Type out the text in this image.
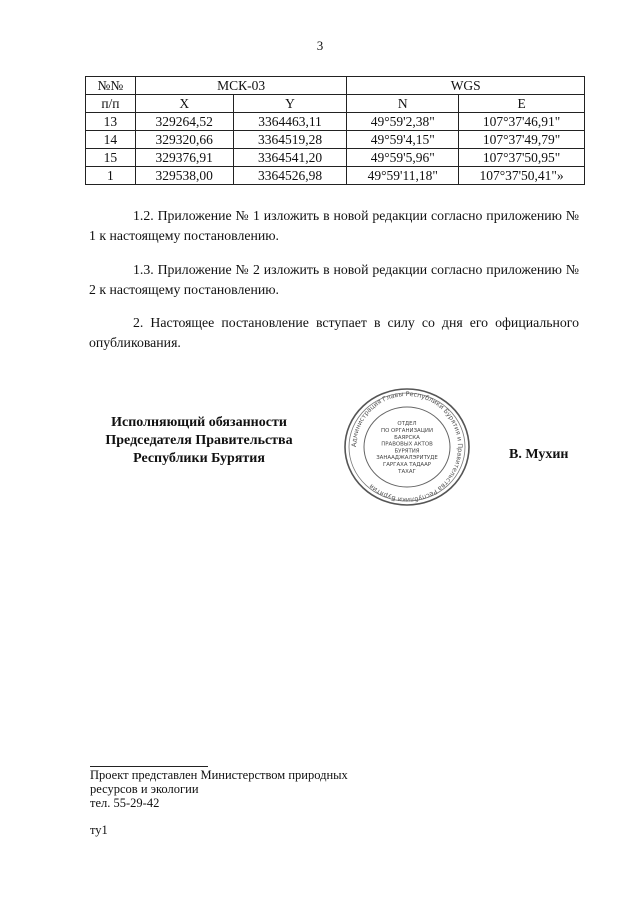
3
№№	МСК-03		WGS	
п/п	X	Y	N	E
13	329264,52	3364463,11	49°59'2,38"	107°37'46,91"
14	329320,66	3364519,28	49°59'4,15"	107°37'49,79"
15	329376,91	3364541,20	49°59'5,96"	107°37'50,95"
1	329538,00	3364526,98	49°59'11,18"	107°37'50,41"»
1.2. Приложение № 1 изложить в новой редакции согласно приложению № 1 к настоящему постановлению.
1.3. Приложение № 2 изложить в новой редакции согласно приложению № 2 к настоящему постановлению.
2. Настоящее постановление вступает в силу со дня его официального опубликования.
Исполняющий обязанности
Председателя Правительства
Республики Бурятия
Администрация Главы Республики Бурятия и Правительства Республики Бурятия
ОТДЕЛ
ПО ОРГАНИЗАЦИИ
БАЯРСКА
ПРАВОВЫХ АКТОВ
БУРЯТИЯ
ЗАНААДЖАЛЭРИТУДЕ
ГАРГАХА ТАДААР
ТАХАГ
В. Мухин
Проект представлен Министерством природных
ресурсов и экологии
тел. 55-29-42
ту1
